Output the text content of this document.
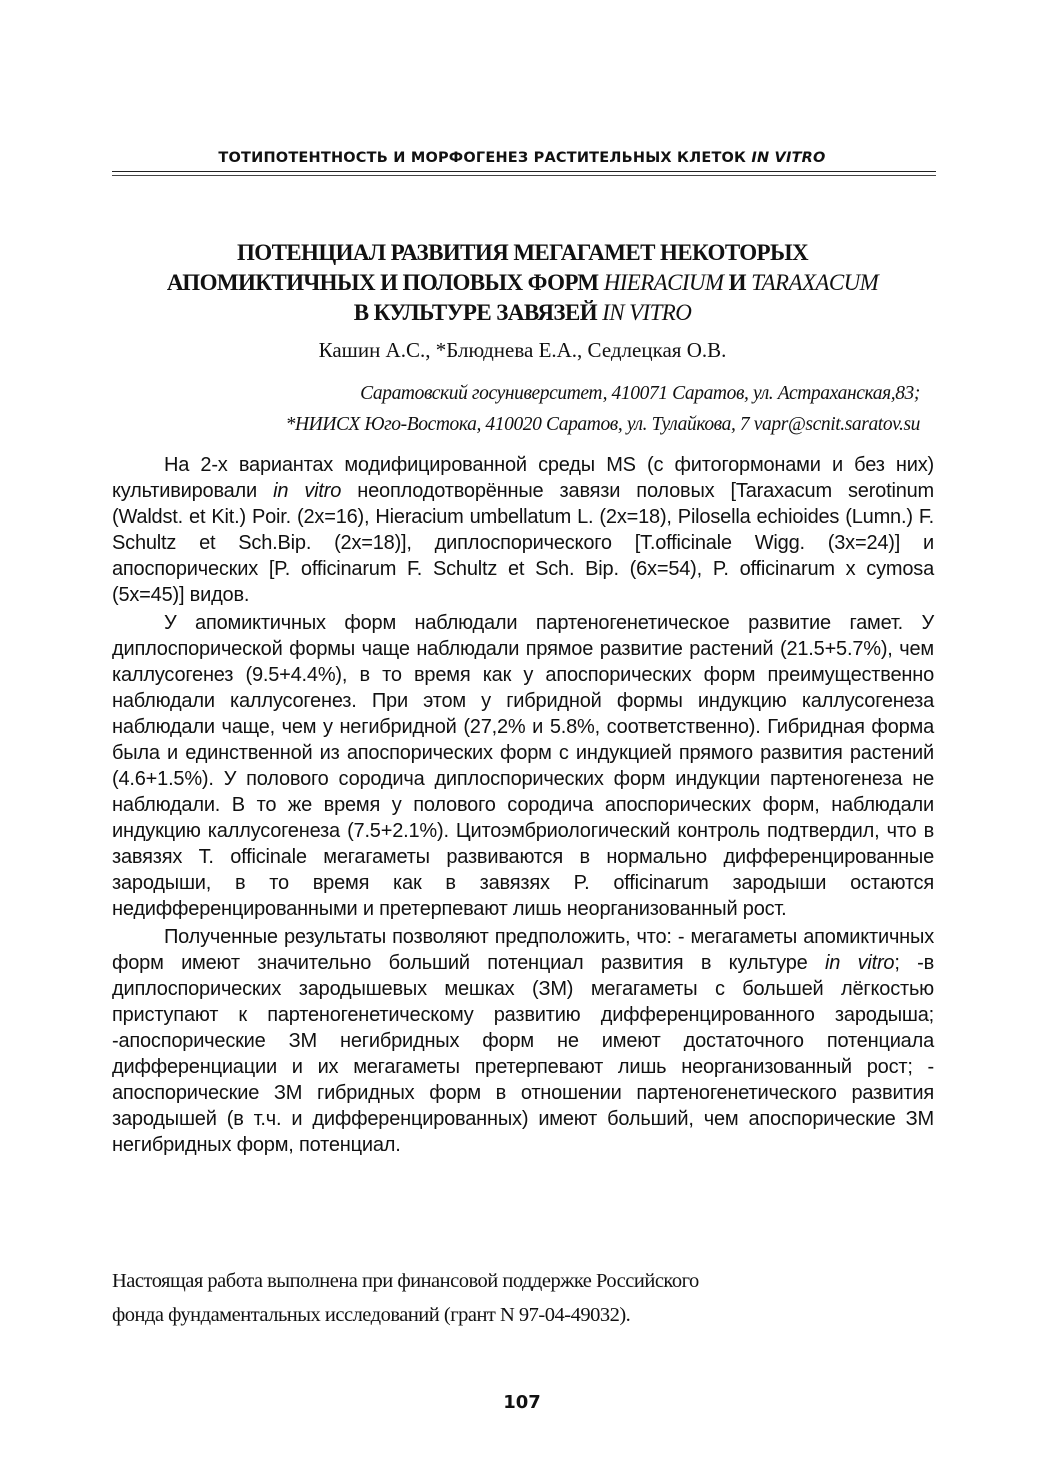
ТОТИПОТЕНТНОСТЬ И МОРФОГЕНЕЗ РАСТИТЕЛЬНЫХ КЛЕТОК IN VITRO
ПОТЕНЦИАЛ РАЗВИТИЯ МЕГАГАМЕТ НЕКОТОРЫХ
АПОМИКТИЧНЫХ И ПОЛОВЫХ ФОРМ HIERACIUM И TARAXACUM
В КУЛЬТУРЕ ЗАВЯЗЕЙ IN VITRO
Кашин А.С., *Блюднева Е.А., Седлецкая О.В.
Саратовский госуниверситет, 410071 Саратов, ул. Астраханская,83;
*НИИСХ Юго-Востока, 410020 Саратов, ул. Тулайкова, 7 vapr@scnit.saratov.su

На 2-х вариантах модифицированной среды MS (с фитогормонами и без них) культивировали in vitro неоплодотворённые завязи половых [Taraxacum serotinum (Waldst. et Kit.) Poir. (2x=16), Hieracium umbellatum L. (2x=18), Pilosella echioides (Lumn.) F. Schultz et Sch.Bip. (2x=18)], диплоспорического [T.officinale Wigg. (3x=24)] и апоспорических [P. officinarum F. Schultz et Sch. Bip. (6x=54), P. officinarum x cymosa (5x=45)] видов.

У апомиктичных форм наблюдали партеногенетическое развитие гамет. У диплоспорической формы чаще наблюдали прямое развитие растений (21.5+5.7%), чем каллусогенез (9.5+4.4%), в то время как у апоспорических форм преимущественно наблюдали каллусогенез. При этом у гибридной формы индукцию каллусогенеза наблюдали чаще, чем у негибридной (27,2% и 5.8%, соответственно). Гибридная форма была и единственной из апоспорических форм с индукцией прямого развития растений (4.6+1.5%). У полового сородича диплоспорических форм индукции партеногенеза не наблюдали. В то же время у полового сородича апоспорических форм, наблюдали индукцию каллусогенеза (7.5+2.1%). Цитоэмбриологический контроль подтвердил, что в завязях T. officinale мегагаметы развиваются в нормально дифференцированные зародыши, в то время как в завязях P. officinarum зародыши остаются недифференцированными и претерпевают лишь неорганизованный рост.

Полученные результаты позволяют предположить, что: - мегагаметы апомиктичных форм имеют значительно больший потенциал развития в культуре in vitro; -в диплоспорических зародышевых мешках (ЗМ) мегагаметы с большей лёгкостью приступают к партеногенетическому развитию дифференцированного зародыша; -апоспорические ЗМ негибридных форм не имеют достаточного потенциала дифференциации и их мегагаметы претерпевают лишь неорганизованный рост; - апоспорические ЗМ гибридных форм в отношении партеногенетического развития зародышей (в т.ч. и дифференцированных) имеют больший, чем апоспорические ЗМ негибридных форм, потенциал.

Настоящая работа выполнена при финансовой поддержке Российского
фонда фундаментальных исследований (грант N 97-04-49032).
107
